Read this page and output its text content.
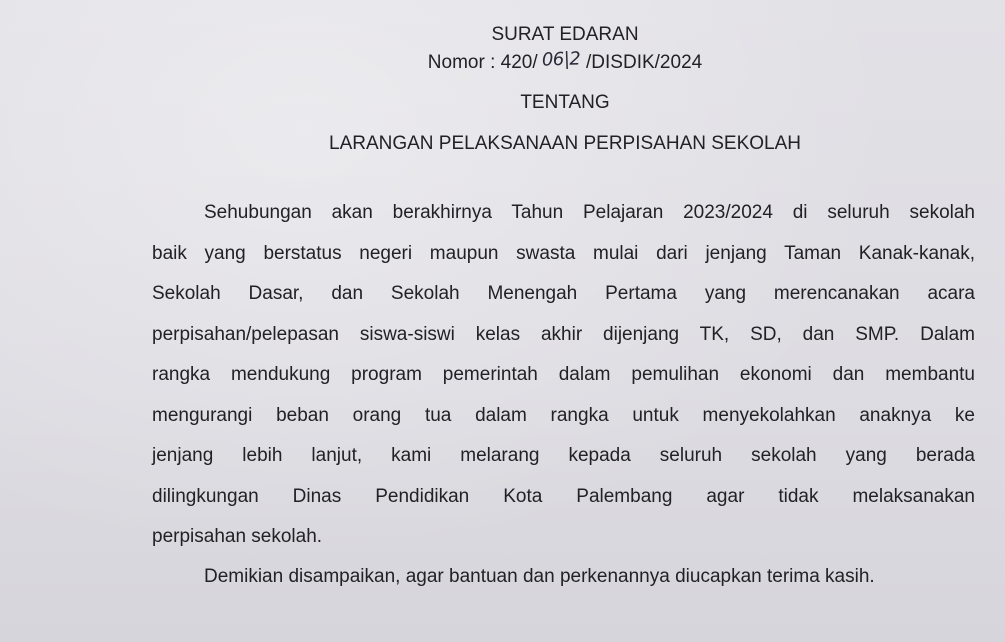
SURAT EDARAN
Nomor : 420/ 06|2 /DISDIK/2024
TENTANG
LARANGAN PELAKSANAAN PERPISAHAN SEKOLAH
Sehubungan akan berakhirnya Tahun Pelajaran 2023/2024 di seluruh sekolah
baik yang berstatus negeri maupun swasta mulai dari jenjang Taman Kanak-kanak,
Sekolah Dasar, dan Sekolah Menengah Pertama yang merencanakan acara
perpisahan/pelepasan siswa-siswi kelas akhir dijenjang TK, SD, dan SMP. Dalam
rangka mendukung program pemerintah dalam pemulihan ekonomi dan membantu
mengurangi beban orang tua dalam rangka untuk menyekolahkan anaknya ke
jenjang lebih lanjut, kami melarang kepada seluruh sekolah yang berada
dilingkungan Dinas Pendidikan Kota Palembang agar tidak melaksanakan
perpisahan sekolah.
Demikian disampaikan, agar bantuan dan perkenannya diucapkan terima kasih.
